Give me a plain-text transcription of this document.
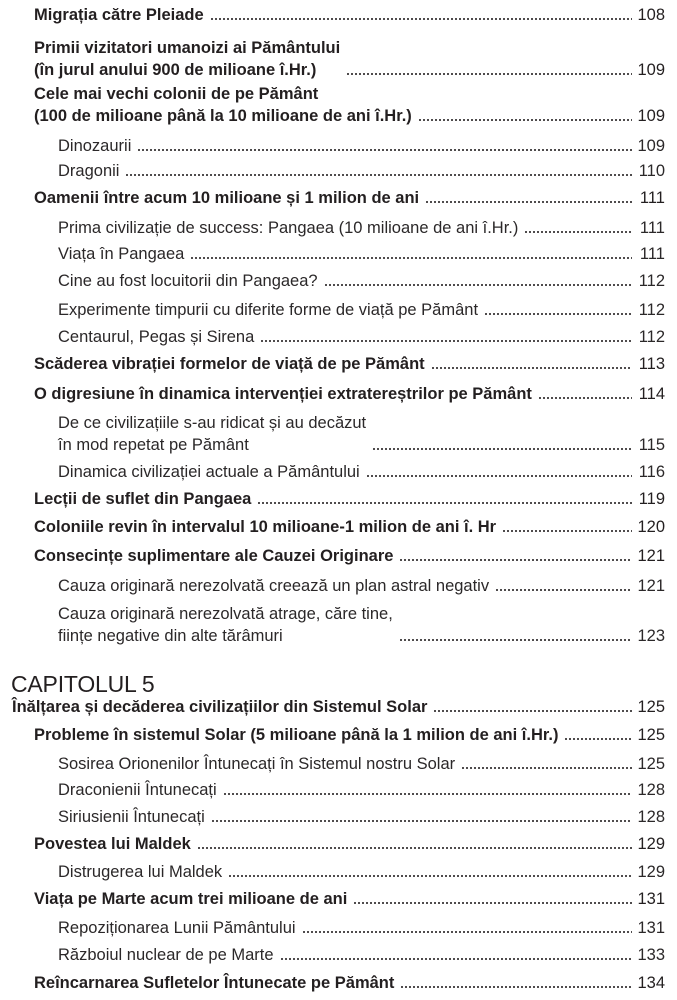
CAPITOLUL 5
Migrația către Pleiade	108
Primii vizitatori umanoizi ai Pământului
(în jurul anului 900 de milioane î.Hr.)	109
Cele mai vechi colonii de pe Pământ
(100 de milioane până la 10 milioane de ani î.Hr.)	109
Dinozaurii	109
Dragonii	110
Oamenii între acum 10 milioane și 1 milion de ani	111
Prima civilizație de success: Pangaea (10 milioane de ani î.Hr.)	111
Viața în Pangaea	111
Cine au fost locuitorii din Pangaea?	112
Experimente timpurii cu diferite forme de viață pe Pământ	112
Centaurul, Pegas și Sirena	112
Scăderea vibrației formelor de viață de pe Pământ	113
O digresiune în dinamica intervenției extratereștrilor pe Pământ	114
De ce civilizațiile s-au ridicat și au decăzut
în mod repetat pe Pământ	115
Dinamica civilizației actuale a Pământului	116
Lecții de suflet din Pangaea	119
Coloniile revin în intervalul 10 milioane-1 milion de ani î. Hr	120
Consecințe suplimentare ale Cauzei Originare	121
Cauza originară nerezolvată creează un plan astral negativ	121
Cauza originară nerezolvată atrage, căre tine,
ființe negative din alte tărâmuri	123
Înălțarea și decăderea civilizațiilor din Sistemul Solar	125
Probleme în sistemul Solar (5 milioane până la 1 milion de ani î.Hr.)	125
Sosirea Orionenilor Întunecați în Sistemul nostru Solar	125
Draconienii Întunecați	128
Siriusienii Întunecați	128
Povestea lui Maldek	129
Distrugerea lui Maldek	129
Viața pe Marte acum trei milioane de ani	131
Repoziționarea Lunii Pământului	131
Războiul nuclear de pe Marte	133
Reîncarnarea Sufletelor Întunecate pe Pământ	134
